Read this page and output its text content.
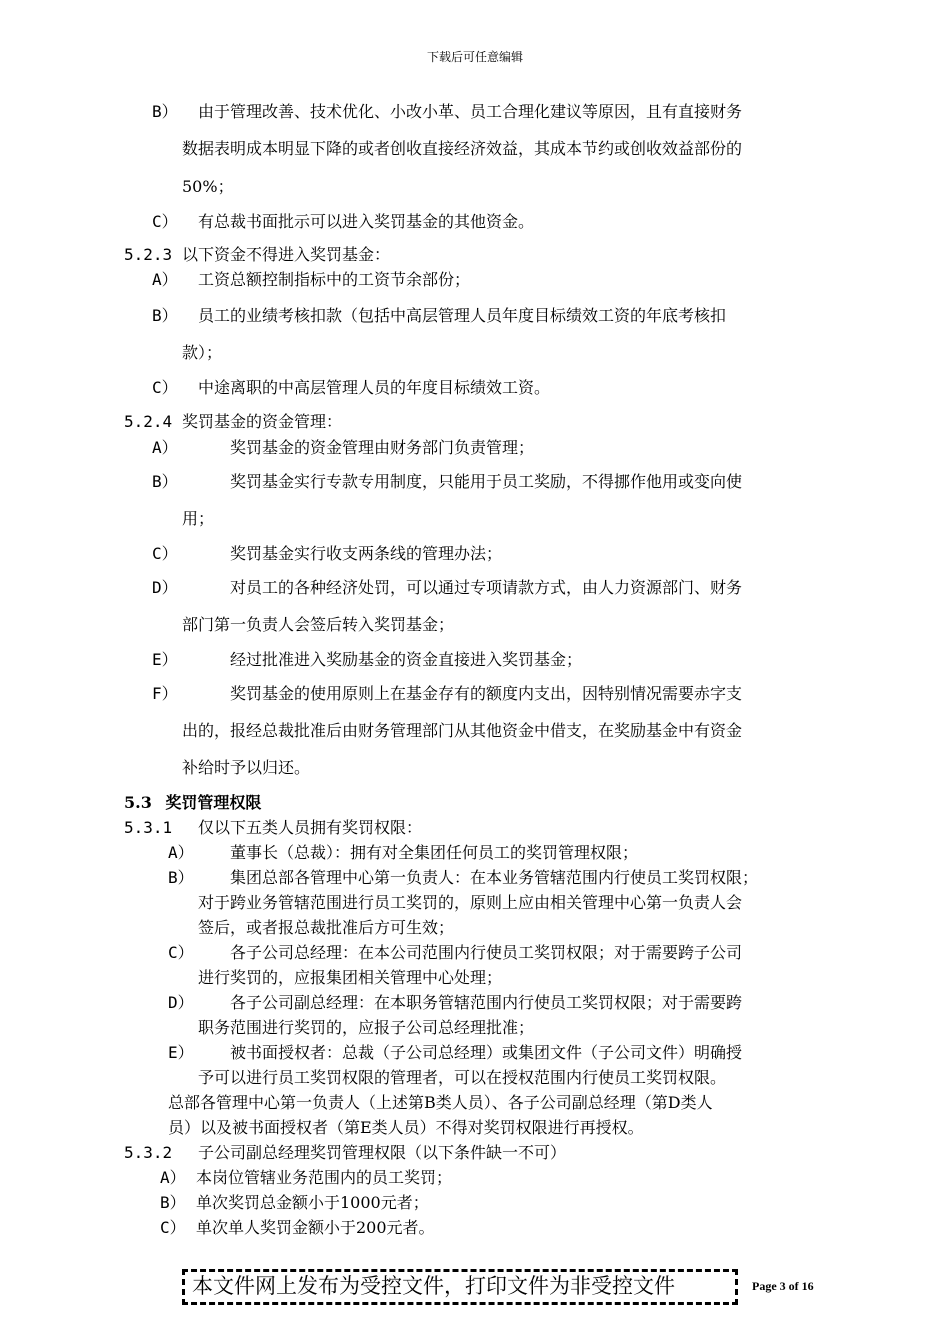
下载后可任意编辑
B） 由于管理改善、技术优化、小改小革、员工合理化建议等原因，且有直接财务
数据表明成本明显下降的或者创收直接经济效益，其成本节约或创收效益部份的
50%；
C） 有总裁书面批示可以进入奖罚基金的其他资金。
5.2.3 以下资金不得进入奖罚基金：
A） 工资总额控制指标中的工资节余部份；
B） 员工的业绩考核扣款（包括中高层管理人员年度目标绩效工资的年底考核扣
款）；
C） 中途离职的中高层管理人员的年度目标绩效工资。
5.2.4 奖罚基金的资金管理：
A）	奖罚基金的资金管理由财务部门负责管理；
B）	奖罚基金实行专款专用制度，只能用于员工奖励，不得挪作他用或变向使
用；
C）	奖罚基金实行收支两条线的管理办法；
D）	对员工的各种经济处罚，可以通过专项请款方式，由人力资源部门、财务
部门第一负责人会签后转入奖罚基金；
E）	经过批准进入奖励基金的资金直接进入奖罚基金；
F）	奖罚基金的使用原则上在基金存有的额度内支出，因特别情况需要赤字支
出的，报经总裁批准后由财务管理部门从其他资金中借支，在奖励基金中有资金
补给时予以归还。
5.3 奖罚管理权限
5.3.1 仅以下五类人员拥有奖罚权限：
A） 董事长（总裁）：拥有对全集团任何员工的奖罚管理权限；
B） 集团总部各管理中心第一负责人：在本业务管辖范围内行使员工奖罚权限；
对于跨业务管辖范围进行员工奖罚的，原则上应由相关管理中心第一负责人会
签后，或者报总裁批准后方可生效；
C） 各子公司总经理：在本公司范围内行使员工奖罚权限；对于需要跨子公司
进行奖罚的，应报集团相关管理中心处理；
D） 各子公司副总经理：在本职务管辖范围内行使员工奖罚权限；对于需要跨
职务范围进行奖罚的，应报子公司总经理批准；
E） 被书面授权者：总裁（子公司总经理）或集团文件（子公司文件）明确授
予可以进行员工奖罚权限的管理者，可以在授权范围内行使员工奖罚权限。
总部各管理中心第一负责人（上述第B类人员）、各子公司副总经理（第D类人
员）以及被书面授权者（第E类人员）不得对奖罚权限进行再授权。
5.3.2 子公司副总经理奖罚管理权限（以下条件缺一不可）
A） 本岗位管辖业务范围内的员工奖罚；
B） 单次奖罚总金额小于1000元者；
C） 单次单人奖罚金额小于200元者。
本文件网上发布为受控文件，打印文件为非受控文件	Page 3 of 16
